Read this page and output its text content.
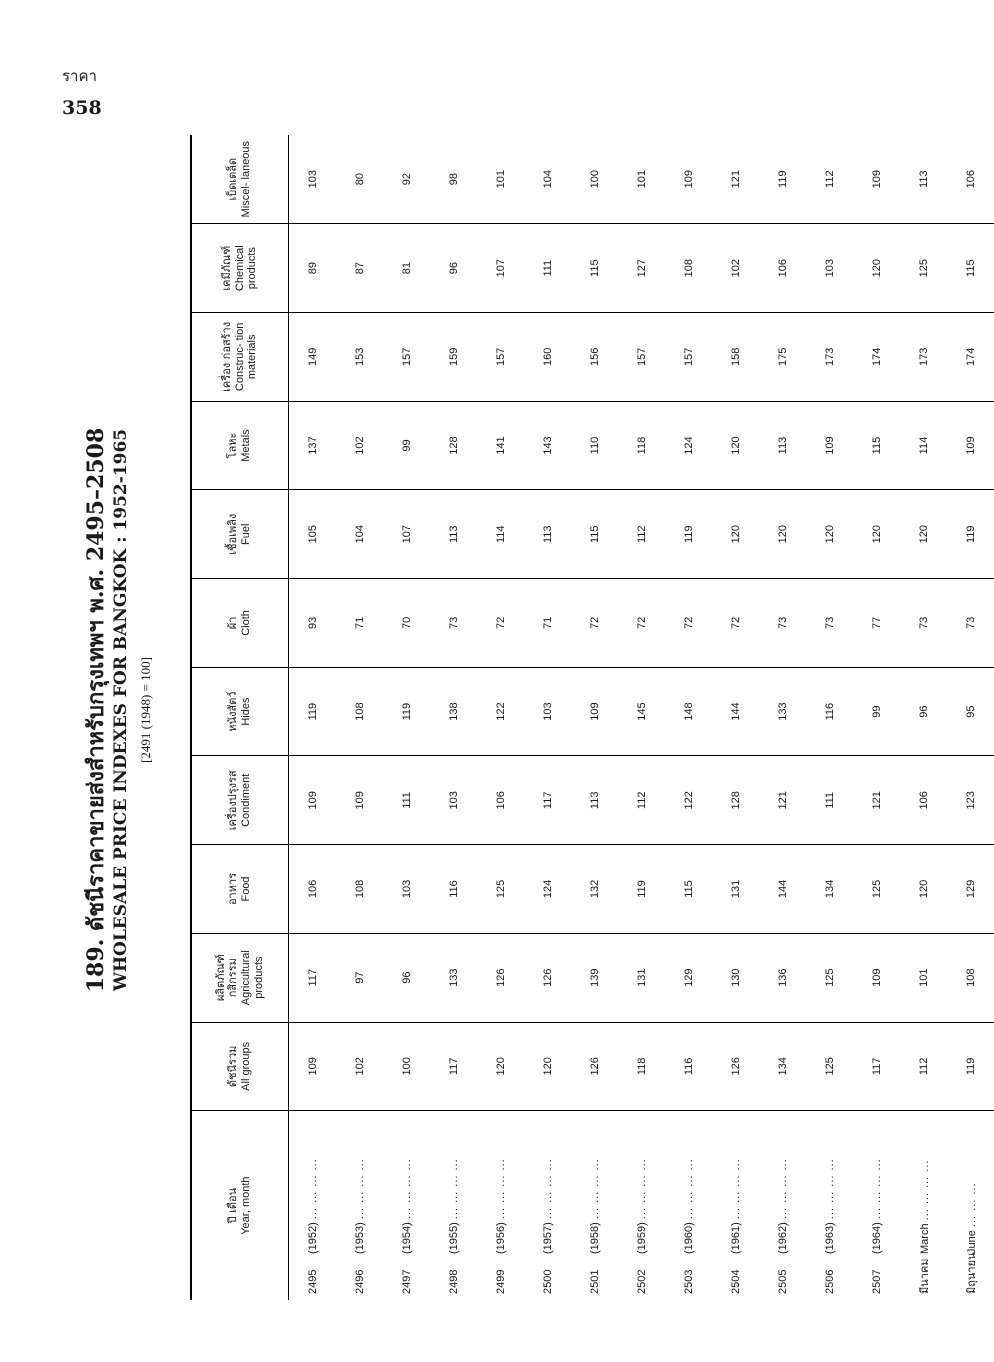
ราคา
358
189. ดัชนีราคาขายส่งสำหรับกรุงเทพฯ พ.ศ. 2495–2508 WHOLESALE PRICE INDEXES FOR BANGKOK : 1952-1965 [2491 (1948) = 100]
ปี เดือน Year, month	ดัชนีรวม All groups	ผลิตภัณฑ์ กสิกรรม Agricultural products	อาหาร Food	เครื่องปรุงรส Condiment	หนังสัตว์ Hides	ผ้า Cloth	เชื้อเพลิง Fuel	โลหะ Metals	เครื่อง ก่อสร้าง Construc- tion materials	เคมีภัณฑ์ Chemical products	เบ็ดเตล็ด Miscel- laneous

2495(1952) ... ... ... ...	109	117	106	109	119	93	105	137	149	89	103
2496(1953) ... ... ... ...	102	97	108	109	108	71	104	102	153	87	80
2497(1954) ... ... ... ...	100	96	103	111	119	70	107	99	157	81	92
2498(1955) ... ... ... ...	117	133	116	103	138	73	113	128	159	96	98
2499(1956) ... ... ... ...	120	126	125	106	122	72	114	141	157	107	101
2500(1957) ... ... ... ...	120	126	124	117	103	71	113	143	160	111	104
2501(1958) ... ... ... ...	126	139	132	113	109	72	115	110	156	115	100
2502(1959) ... ... ... ...	118	131	119	112	145	72	112	118	157	127	101
2503(1960) ... ... ... ...	116	129	115	122	148	72	119	124	157	108	109
2504(1961) ... ... ... ...	126	130	131	128	144	72	120	120	158	102	121
2505(1962) ... ... ... ...	134	136	144	121	133	73	120	113	175	106	119
2506(1963) ... ... ... ...	125	125	134	111	116	73	120	109	173	103	112
2507(1964) ... ... ... ...	117	109	125	121	99	77	120	115	174	120	109
มีนาคมMarch ... ... ... ...	112	101	120	106	96	73	120	114	173	125	113
มิถุนายนJune ... ... ...	119	108	129	123	95	73	119	109	174	115	106
